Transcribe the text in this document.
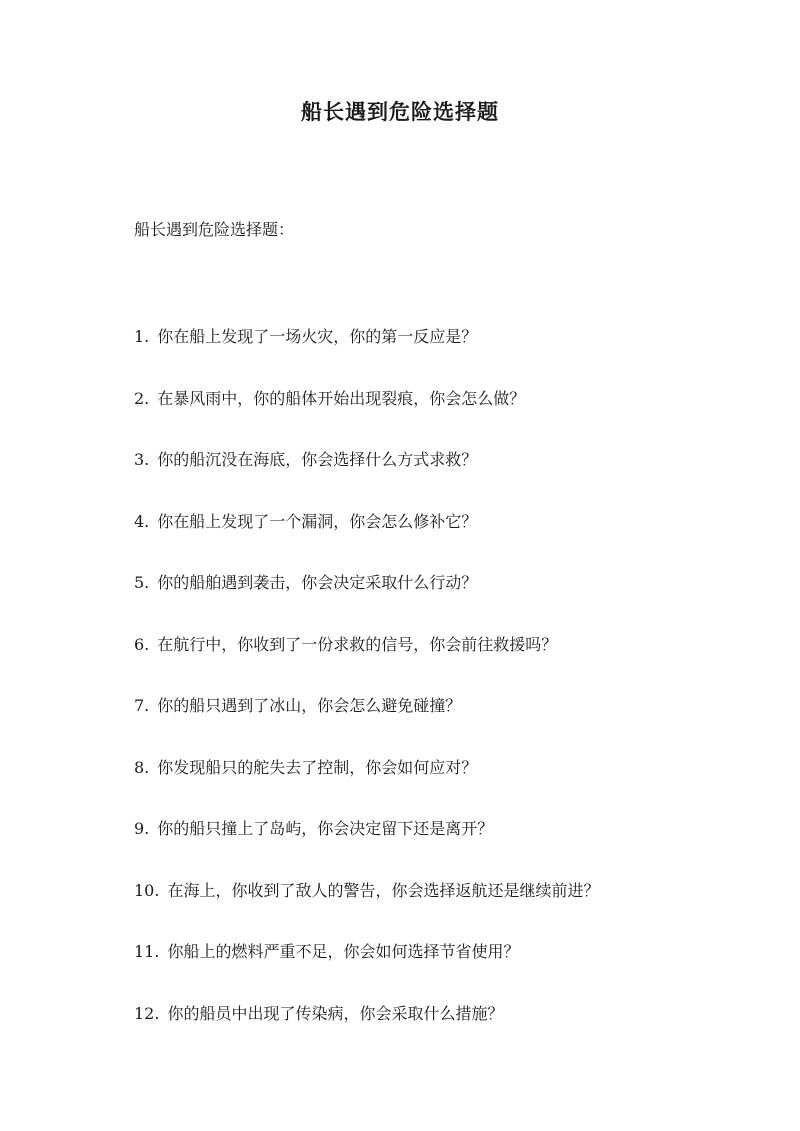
船长遇到危险选择题

船长遇到危险选择题：

1. 你在船上发现了一场火灾，你的第一反应是？
2. 在暴风雨中，你的船体开始出现裂痕，你会怎么做？
3. 你的船沉没在海底，你会选择什么方式求救？
4. 你在船上发现了一个漏洞，你会怎么修补它？
5. 你的船舶遇到袭击，你会决定采取什么行动？
6. 在航行中，你收到了一份求救的信号，你会前往救援吗？
7. 你的船只遇到了冰山，你会怎么避免碰撞？
8. 你发现船只的舵失去了控制，你会如何应对？
9. 你的船只撞上了岛屿，你会决定留下还是离开？
10. 在海上，你收到了敌人的警告，你会选择返航还是继续前进？
11. 你船上的燃料严重不足，你会如何选择节省使用？
12. 你的船员中出现了传染病，你会采取什么措施？
